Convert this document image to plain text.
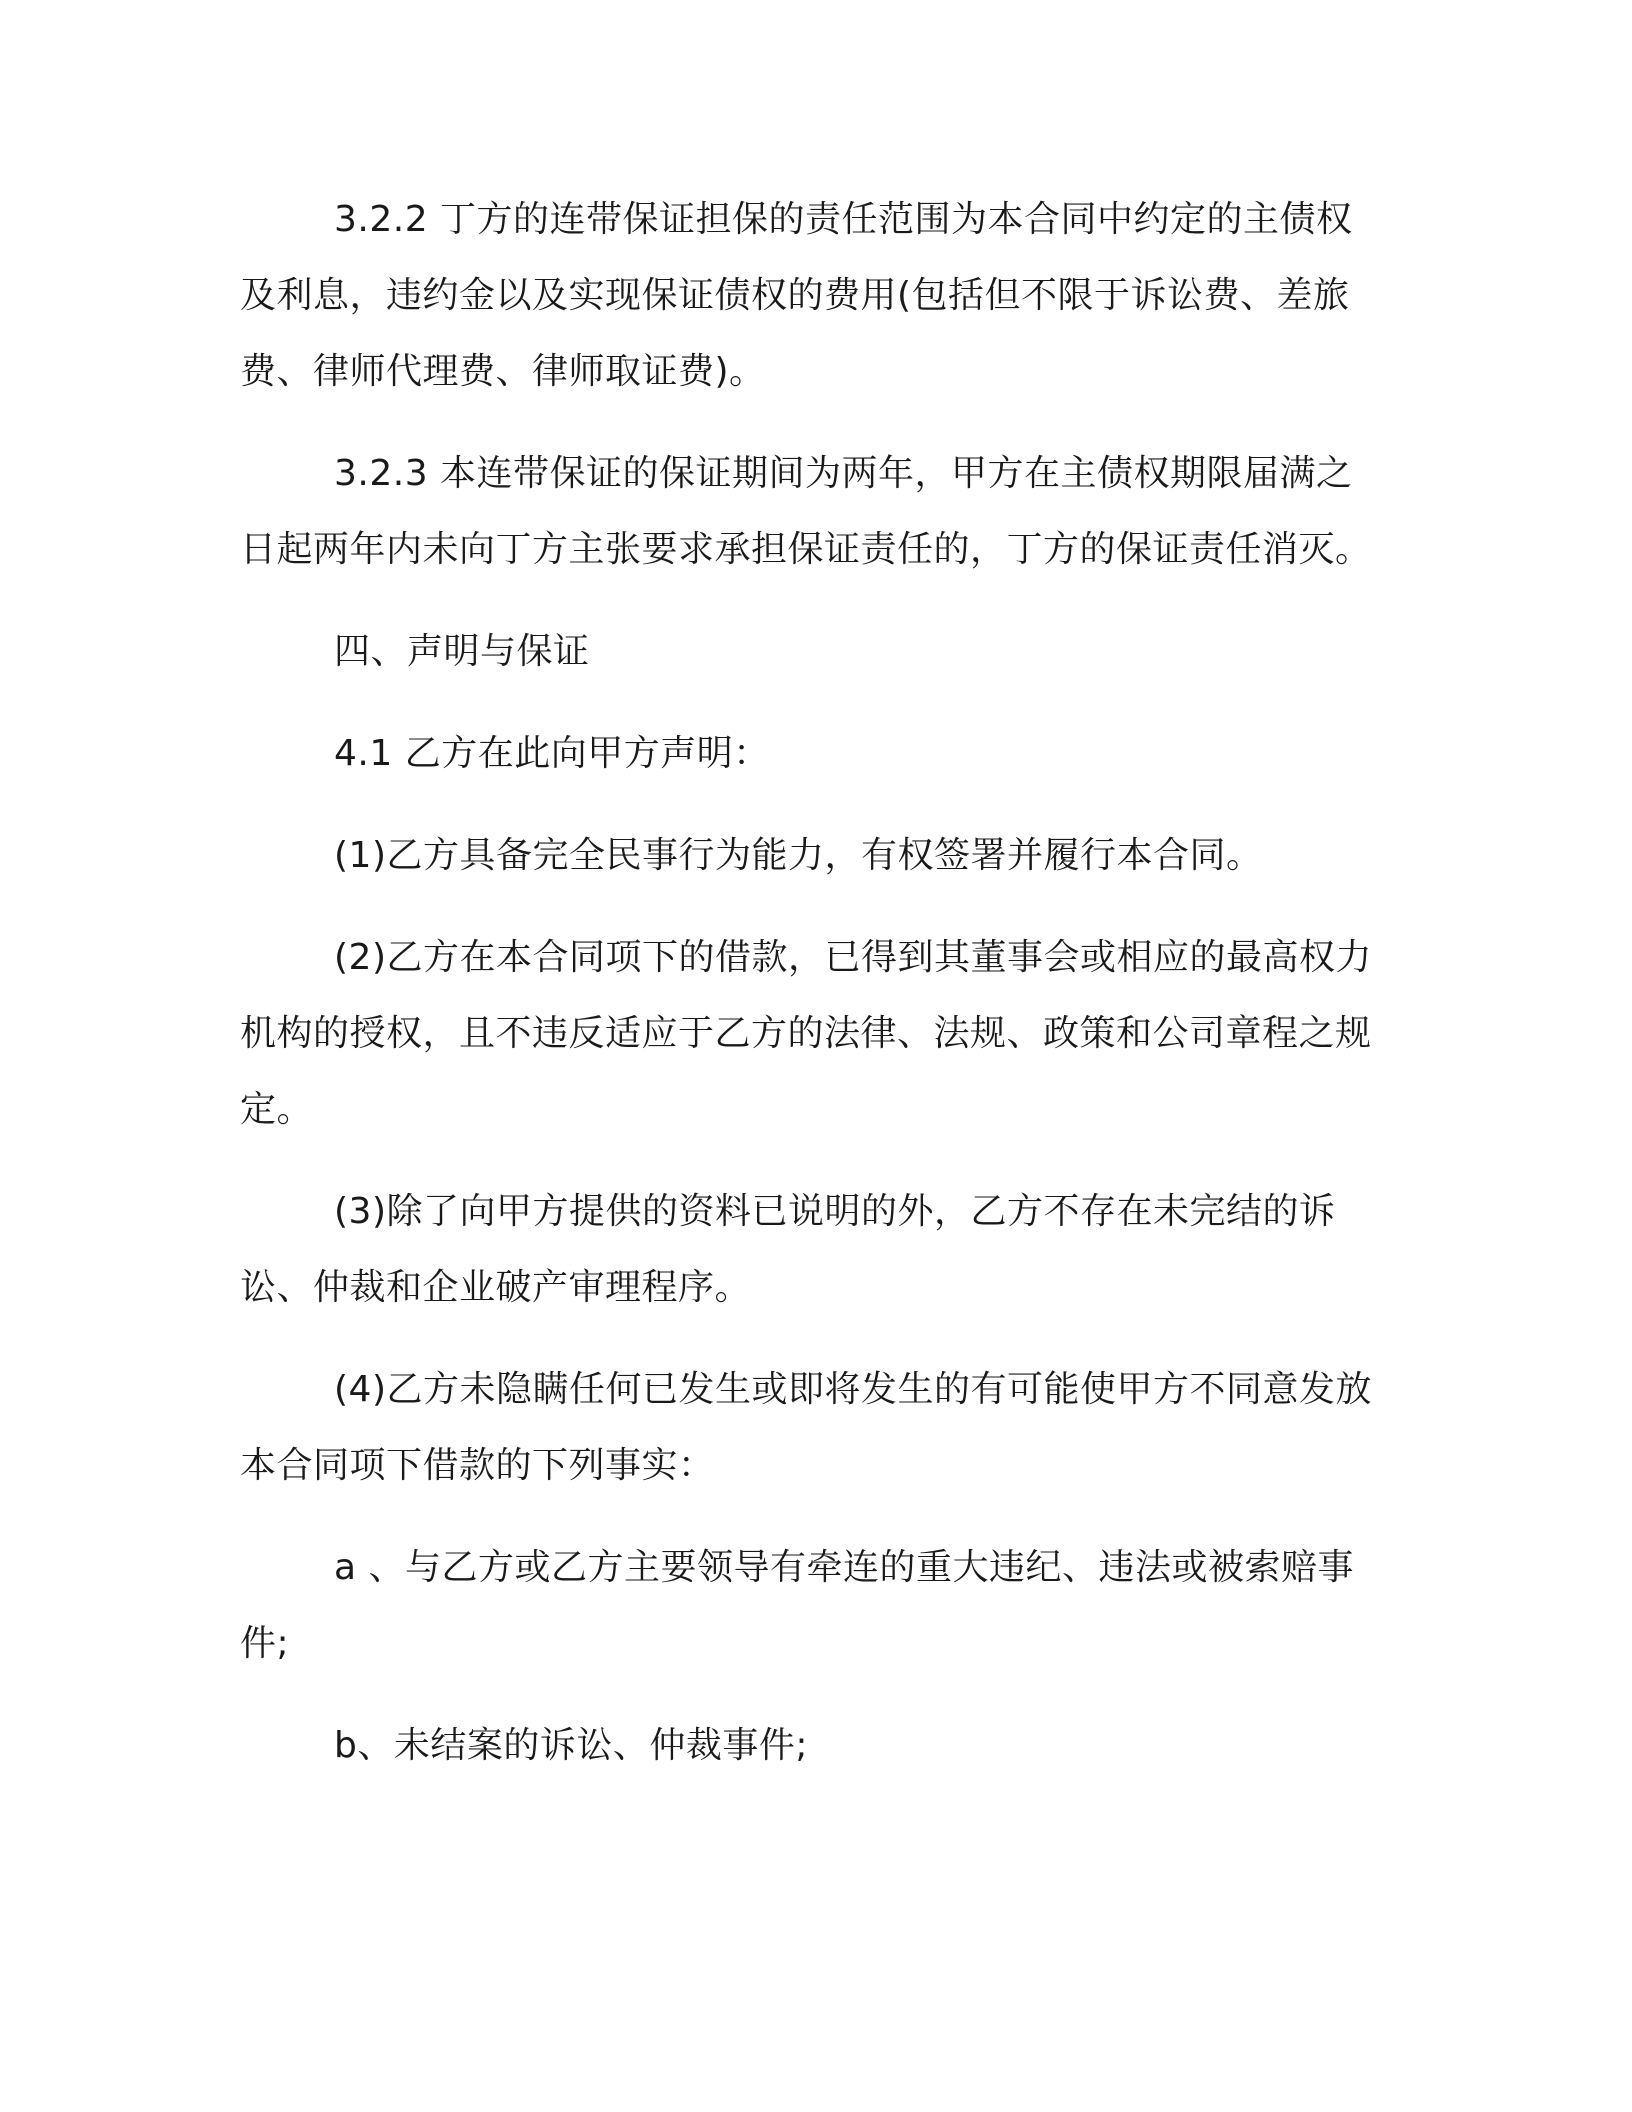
3.2.2 丁方的连带保证担保的责任范围为本合同中约定的主债权及利息，违约金以及实现保证债权的费用(包括但不限于诉讼费、差旅费、律师代理费、律师取证费)。

3.2.3 本连带保证的保证期间为两年，甲方在主债权期限届满之日起两年内未向丁方主张要求承担保证责任的，丁方的保证责任消灭。

四、声明与保证

4.1 乙方在此向甲方声明：

(1)乙方具备完全民事行为能力，有权签署并履行本合同。

(2)乙方在本合同项下的借款，已得到其董事会或相应的最高权力机构的授权，且不违反适应于乙方的法律、法规、政策和公司章程之规定。

(3)除了向甲方提供的资料已说明的外，乙方不存在未完结的诉讼、仲裁和企业破产审理程序。

(4)乙方未隐瞒任何已发生或即将发生的有可能使甲方不同意发放本合同项下借款的下列事实：

a 、与乙方或乙方主要领导有牵连的重大违纪、违法或被索赔事件;

b、未结案的诉讼、仲裁事件;
